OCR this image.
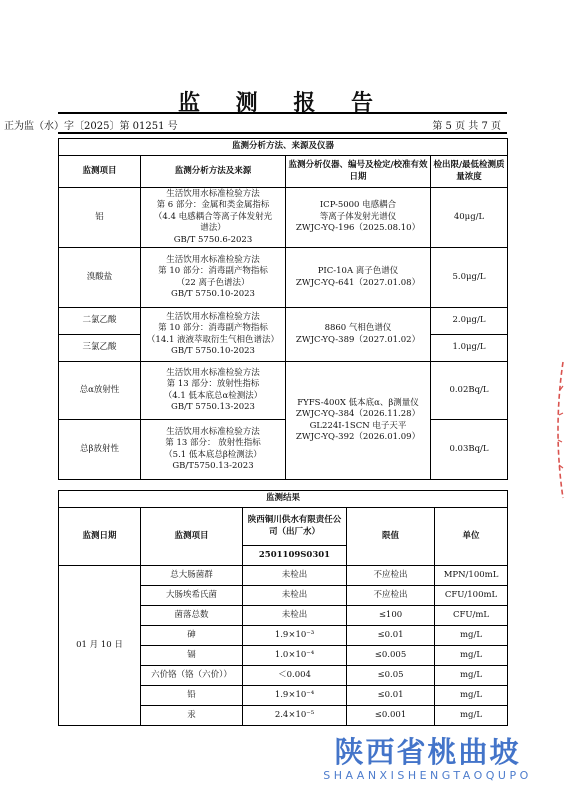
监 测 报 告
正为监（水）字〔2025〕第 01251 号	第 5 页 共 7 页
监测分析方法、来源及仪器			
监测项目	监测分析方法及来源	监测分析仪器、编号及检定/校准有效日期	检出限/最低检测质量浓度
铝	生活饮用水标准检验方法
第 6 部分：金属和类金属指标
（4.4 电感耦合等离子体发射光
谱法）
GB/T 5750.6-2023	ICP-5000 电感耦合
等离子体发射光谱仪
ZWJC-YQ-196（2025.08.10）	40μg/L
溴酸盐	生活饮用水标准检验方法
第 10 部分：消毒副产物指标
（22 离子色谱法）
GB/T 5750.10-2023	PIC-10A 离子色谱仪
ZWJC-YQ-641（2027.01.08）	5.0μg/L
二氯乙酸	生活饮用水标准检验方法
第 10 部分：消毒副产物指标
（14.1 液液萃取衍生气相色谱法）
GB/T 5750.10-2023	8860 气相色谱仪
ZWJC-YQ-389（2027.01.02）	2.0μg/L
三氯乙酸			1.0μg/L
总α放射性	生活饮用水标准检验方法
第 13 部分：放射性指标
（4.1 低本底总α检测法）
GB/T 5750.13-2023	FYFS-400X 低本底α、β测量仪
ZWJC-YQ-384（2026.11.28）
GL224I-1SCN 电子天平
ZWJC-YQ-392（2026.01.09）	0.02Bq/L
总β放射性	生活饮用水标准检验方法
第 13 部分： 放射性指标
（5.1 低本底总β检测法）
GB/T5750.13-2023		0.03Bq/L
监测结果				
监测日期	监测项目	陕西铜川供水有限责任公司（出厂水）	限值	单位
		2501109S0301		
01 月 10 日	总大肠菌群	未检出	不应检出	MPN/100mL
	大肠埃希氏菌	未检出	不应检出	CFU/100mL
	菌落总数	未检出	≤100	CFU/mL
	砷	1.9×10⁻³	≤0.01	mg/L
	镉	1.0×10⁻⁴	≤0.005	mg/L
	六价铬（铬（六价））	＜0.004	≤0.05	mg/L
	铅	1.9×10⁻⁴	≤0.01	mg/L
	汞	2.4×10⁻⁵	≤0.001	mg/L
陕西省桃曲坡
SHAANXISHENGTAOQUPO
